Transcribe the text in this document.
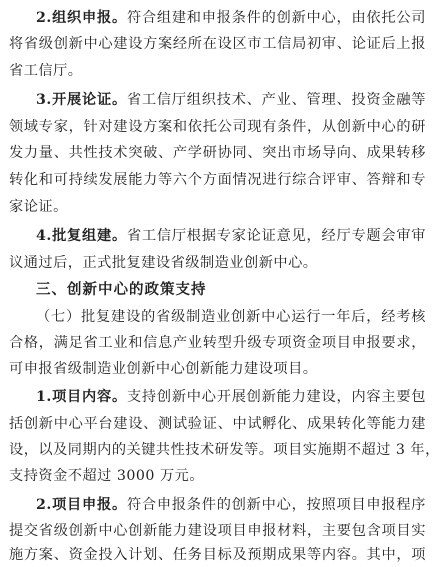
2.组织申报。符合组建和申报条件的创新中心，由依托公司
将省级创新中心建设方案经所在设区市工信局初审、论证后上报
省工信厅。
3.开展论证。省工信厅组织技术、产业、管理、投资金融等
领域专家，针对建设方案和依托公司现有条件，从创新中心的研
发力量、共性技术突破、产学研协同、突出市场导向、成果转移
转化和可持续发展能力等六个方面情况进行综合评审、答辩和专
家论证。
4.批复组建。省工信厅根据专家论证意见，经厅专题会审审
议通过后，正式批复建设省级制造业创新中心。
三、创新中心的政策支持
（七）批复建设的省级制造业创新中心运行一年后，经考核
合格，满足省工业和信息产业转型升级专项资金项目申报要求，
可申报省级制造业创新中心创新能力建设项目。
1.项目内容。支持创新中心开展创新能力建设，内容主要包
括创新中心平台建设、测试验证、中试孵化、成果转化等能力建
设，以及同期内的关键共性技术研发等。项目实施期不超过 3 年，
支持资金不超过 3000 万元。
2.项目申报。符合申报条件的创新中心，按照项目申报程序
提交省级创新中心创新能力建设项目申报材料，主要包含项目实
施方案、资金投入计划、任务目标及预期成果等内容。其中，项
